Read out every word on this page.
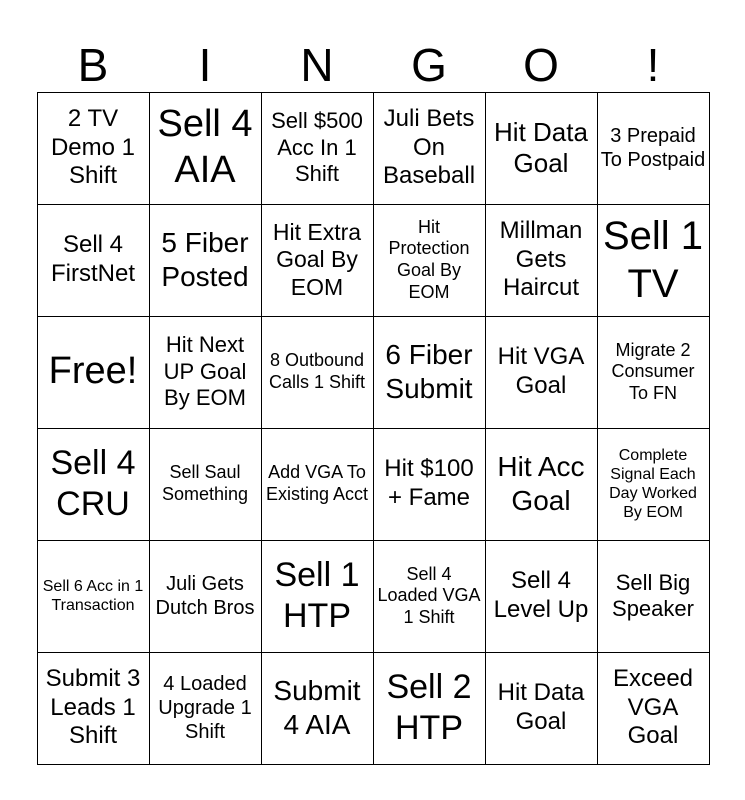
B	I	N	G	O	!
2 TV Demo 1 Shift
Sell 4 AIA
Sell $500 Acc In 1 Shift
Juli Bets On Baseball
Hit Data Goal
3 Prepaid To Postpaid
Sell 4 FirstNet
5 Fiber Posted
Hit Extra Goal By EOM
Hit Protection Goal By EOM
Millman Gets Haircut
Sell 1 TV
Free!
Hit Next UP Goal By EOM
8 Outbound Calls 1 Shift
6 Fiber Submit
Hit VGA Goal
Migrate 2 Consumer To FN
Sell 4 CRU
Sell Saul Something
Add VGA To Existing Acct
Hit $100 + Fame
Hit Acc Goal
Complete Signal Each Day Worked By EOM
Sell 6 Acc in 1 Transaction
Juli Gets Dutch Bros
Sell 1 HTP
Sell 4 Loaded VGA 1 Shift
Sell 4 Level Up
Sell Big Speaker
Submit 3 Leads 1 Shift
4 Loaded Upgrade 1 Shift
Submit 4 AIA
Sell 2 HTP
Hit Data Goal
Exceed VGA Goal
